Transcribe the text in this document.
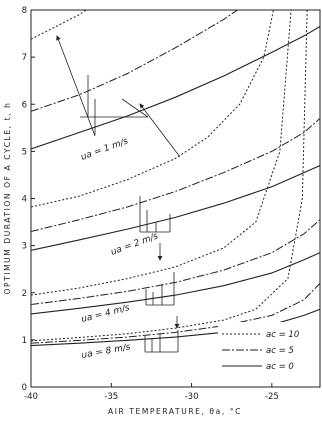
-40	-35	-30	-25
0
1
2
3
4
5
6
7
8
ua = 1 m/s
ua = 2 m/s
ua = 4 m/s
ua = 8 m/s
ac = 10
ac = 5
ac = 0
AIR TEMPERATURE, θa, °C
OPTIMUM DURATION OF A CYCLE, t, h
